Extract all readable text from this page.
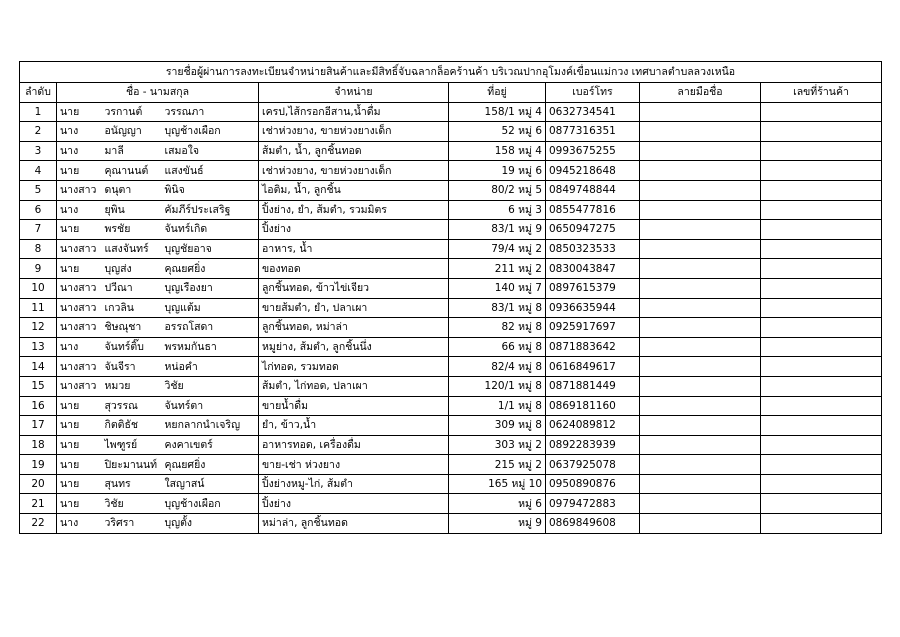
รายชื่อผู้ผ่านการลงทะเบียนจำหน่ายสินค้าและมีสิทธิ์จับฉลากล็อคร้านค้า บริเวณปากอุโมงค์เขื่อนแม่กวง เทศบาลตำบลลวงเหนือ							
ลำดับ	ชื่อ - นามสกุล		จำหน่าย	ที่อยู่	เบอร์โทร	ลายมือชื่อ	เลขที่ร้านค้า
1	นาย	วรกานต์ วรรณภา	เครป,ไส้กรอกอีสาน,น้ำดื่ม	158/1 หมู่ 4	0632734541		
2	นาง	อนัญญา บุญช้างเผือก	เช่าห่วงยาง, ขายห่วงยางเด็ก	52 หมู่ 6	0877316351		
3	นาง	มาลี เสมอใจ	ส้มตำ, น้ำ, ลูกชิ้นทอด	158 หมู่ 4	0993675255		
4	นาย	คุณานนต์ แสงขันธ์	เช่าห่วงยาง, ขายห่วงยางเด็ก	19 หมู่ 6	0945218648		
5	นางสาว	ดนุตา พินิจ	ไอติม, น้ำ, ลูกชิ้น	80/2 หมู่ 5	0849748844		
6	นาง	ยุพิน คัมภีร์ประเสริฐ	ปิ้งย่าง, ยำ, ส้มตำ, รวมมิตร	6 หมู่ 3	0855477816		
7	นาย	พรชัย จันทร์เกิด	ปิ้งย่าง	83/1 หมู่ 9	0650947275		
8	นางสาว	แสงจันทร์ บุญชัยอาจ	อาหาร, น้ำ	79/4 หมู่ 2	0850323533		
9	นาย	บุญส่ง คุณยศยิ่ง	ของทอด	211 หมู่ 2	0830043847		
10	นางสาว	ปวีณา บุญเรืองยา	ลูกชิ้นทอด, ข้าวไข่เจียว	140 หมู่ 7	0897615379		
11	นางสาว	เกวลิน บุญแต้ม	ขายส้มตำ, ยำ, ปลาเผา	83/1 หมู่ 8	0936635944		
12	นางสาว	ชิษณุชา อรรถโสดา	ลูกชิ้นทอด, หม่าล่า	82 หมู่ 8	0925917697		
13	นาง	จันทร์ติ๊บ พรหมกันธา	หมูย่าง, ส้มตำ, ลูกชิ้นนึ่ง	66 หมู่ 8	0871883642		
14	นางสาว	จันจีรา หน่อคำ	ไก่ทอด, รวมทอด	82/4 หมู่ 8	0616849617		
15	นางสาว	หมวย วิชัย	ส้มตำ, ไก่ทอด, ปลาเผา	120/1 หมู่ 8	0871881449		
16	นาย	สุวรรณ จันทร์ตา	ขายน้ำดื่ม	1/1 หมู่ 8	0869181160		
17	นาย	กิตติธัช หยกลากนำเจริญ	ยำ, ข้าว,น้ำ	309 หมู่ 8	0624089812		
18	นาย	ไพฑูรย์ คงคาเขตร์	อาหารทอด, เครื่องดื่ม	303 หมู่ 2	0892283939		
19	นาย	ปิยะมานนท์ คุณยศยิ่ง	ขาย-เช่า ห่วงยาง	215 หมู่ 2	0637925078		
20	นาย	สุนทร ใสญาสน์	ปิ้งย่างหมู-ไก่, ส้มตำ	165 หมู่ 10	0950890876		
21	นาย	วิชัย บุญช้างเผือก	ปิ้งย่าง	หมู่ 6	0979472883		
22	นาง	วริศรา บุญตั้ง	หม่าล่า, ลูกชิ้นทอด	หมู่ 9	0869849608		
